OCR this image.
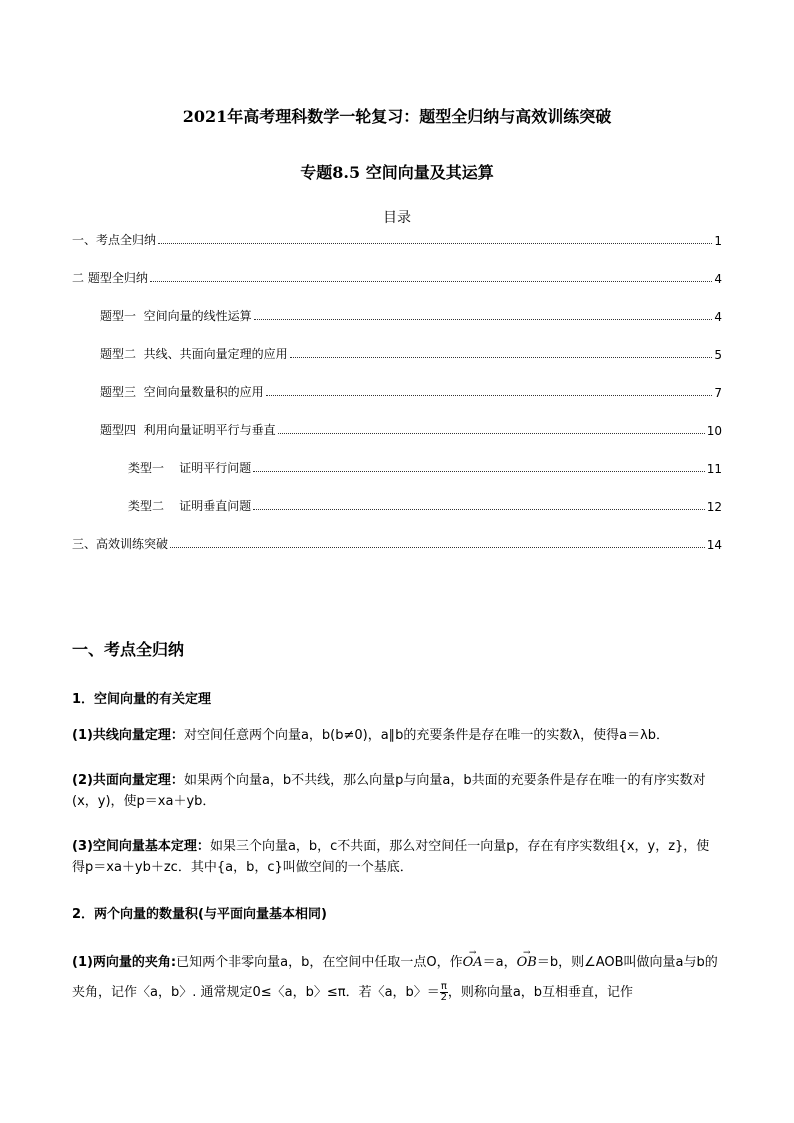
2021年高考理科数学一轮复习：题型全归纳与高效训练突破
专题8.5 空间向量及其运算
目录
一、考点全归纳	1
二 题型全归纳	4
题型一  空间向量的线性运算	4
题型二  共线、共面向量定理的应用	5
题型三  空间向量数量积的应用	7
题型四  利用向量证明平行与垂直	10
类型一    证明平行问题	11
类型二    证明垂直问题	12
三、高效训练突破	14
一、考点全归纳
1．空间向量的有关定理
(1)共线向量定理：对空间任意两个向量a，b(b≠0)，a∥b的充要条件是存在唯一的实数λ，使得a＝λb．
(2)共面向量定理：如果两个向量a，b不共线，那么向量p与向量a，b共面的充要条件是存在唯一的有序实数对(x，y)，使p＝xa＋yb．
(3)空间向量基本定理：如果三个向量a，b，c不共面，那么对空间任一向量p，存在有序实数组{x，y，z}，使得p＝xa＋yb＋zc．其中{a，b，c}叫做空间的一个基底．
2．两个向量的数量积(与平面向量基本相同)
(1)两向量的夹角:已知两个非零向量a，b，在空间中任取一点O，作→ OA＝a，→ OB＝b，则∠AOB叫做向量a与b的夹角，记作〈a，b〉. 通常规定0≤〈a，b〉≤π．若〈a，b〉＝ $\frac{\pi}{2}$ ，则称向量a，b互相垂直，记作
